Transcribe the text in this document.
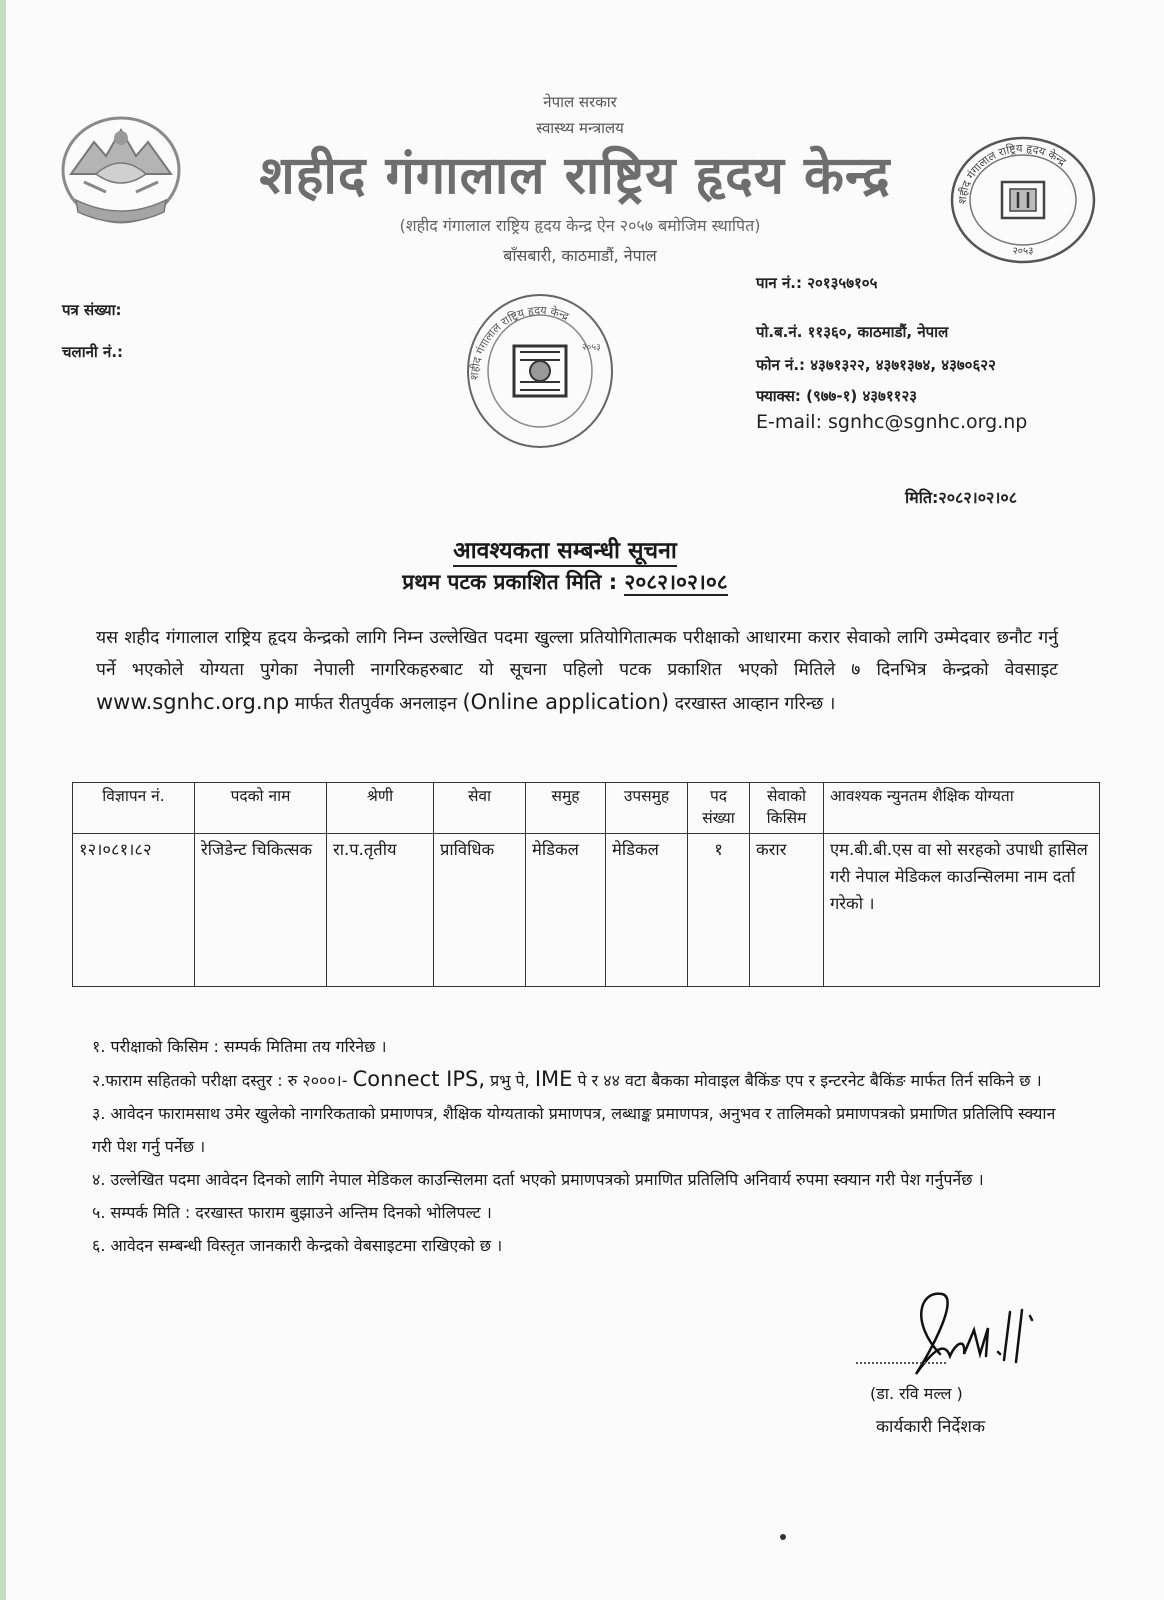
नेपाल सरकार
स्वास्थ्य मन्त्रालय
शहीद गंगालाल राष्ट्रिय हृदय केन्द्र
(शहीद गंगालाल राष्ट्रिय हृदय केन्द्र ऐन २०५७ बमोजिम स्थापित)
बाँसबारी, काठमाडौं, नेपाल
शहीद गंगालाल राष्ट्रिय हृदय केन्द्र
२०५३
पत्र संख्या:
चलानी नं.:
शहीद गंगालाल राष्ट्रिय हृदय केन्द्र
२०५३
पान नं.: २०१३५७१०५
पो.ब.नं. ११३६०, काठमाडौं, नेपाल
फोन नं.: ४३७१३२२, ४३७१३७४, ४३७०६२२
फ्याक्स: (९७७-१) ४३७११२३
E-mail: sgnhc@sgnhc.org.np
मिति:२०८२।०२।०८
आवश्यकता सम्बन्धी सूचना
प्रथम पटक प्रकाशित मिति : २०८२।०२।०८
यस शहीद गंगालाल राष्ट्रिय हृदय केन्द्रको लागि निम्न उल्लेखित पदमा खुल्ला प्रतियोगितात्मक परीक्षाको आधारमा करार सेवाको लागि उम्मेदवार छनौट गर्नु पर्ने भएकोले योग्यता पुगेका नेपाली नागरिकहरुबाट यो सूचना पहिलो पटक प्रकाशित भएको मितिले ७ दिनभित्र केन्द्रको वेवसाइट www.sgnhc.org.np मार्फत रीतपुर्वक अनलाइन (Online application) दरखास्त आव्हान गरिन्छ ।
विज्ञापन नं.	पदको नाम	श्रेणी	सेवा	समुह	उपसमुह	पद संख्या	सेवाको किसिम	आवश्यक न्युनतम शैक्षिक योग्यता
१२।०८१।८२	रेजिडेन्ट चिकित्सक	रा.प.तृतीय	प्राविधिक	मेडिकल	मेडिकल	१	करार	एम.बी.बी.एस वा सो सरहको उपाधी हासिल गरी नेपाल मेडिकल काउन्सिलमा नाम दर्ता गरेको ।

१. परीक्षाको किसिम : सम्पर्क मितिमा तय गरिनेछ ।

२.फाराम सहितको परीक्षा दस्तुर : रु २०००।- Connect IPS, प्रभु पे, IME पे र ४४ वटा बैकका मोवाइल बैकिंङ एप र इन्टरनेट बैकिंङ मार्फत तिर्न सकिने छ ।

३. आवेदन फारामसाथ उमेर खुलेको नागरिकताको प्रमाणपत्र, शैक्षिक योग्यताको प्रमाणपत्र, लब्धाङ्क प्रमाणपत्र, अनुभव र तालिमको प्रमाणपत्रको प्रमाणित प्रतिलिपि स्क्यान गरी पेश गर्नु पर्नेछ ।

४. उल्लेखित पदमा आवेदन दिनको लागि नेपाल मेडिकल काउन्सिलमा दर्ता भएको प्रमाणपत्रको प्रमाणित प्रतिलिपि अनिवार्य रुपमा स्क्यान गरी पेश गर्नुपर्नेछ ।

५. सम्पर्क मिति : दरखास्त फाराम बुझाउने अन्तिम दिनको भोलिपल्ट ।

६. आवेदन सम्बन्धी विस्तृत जानकारी केन्द्रको वेबसाइटमा राखिएको छ ।

(डा. रवि मल्ल )
कार्यकारी निर्देशक
